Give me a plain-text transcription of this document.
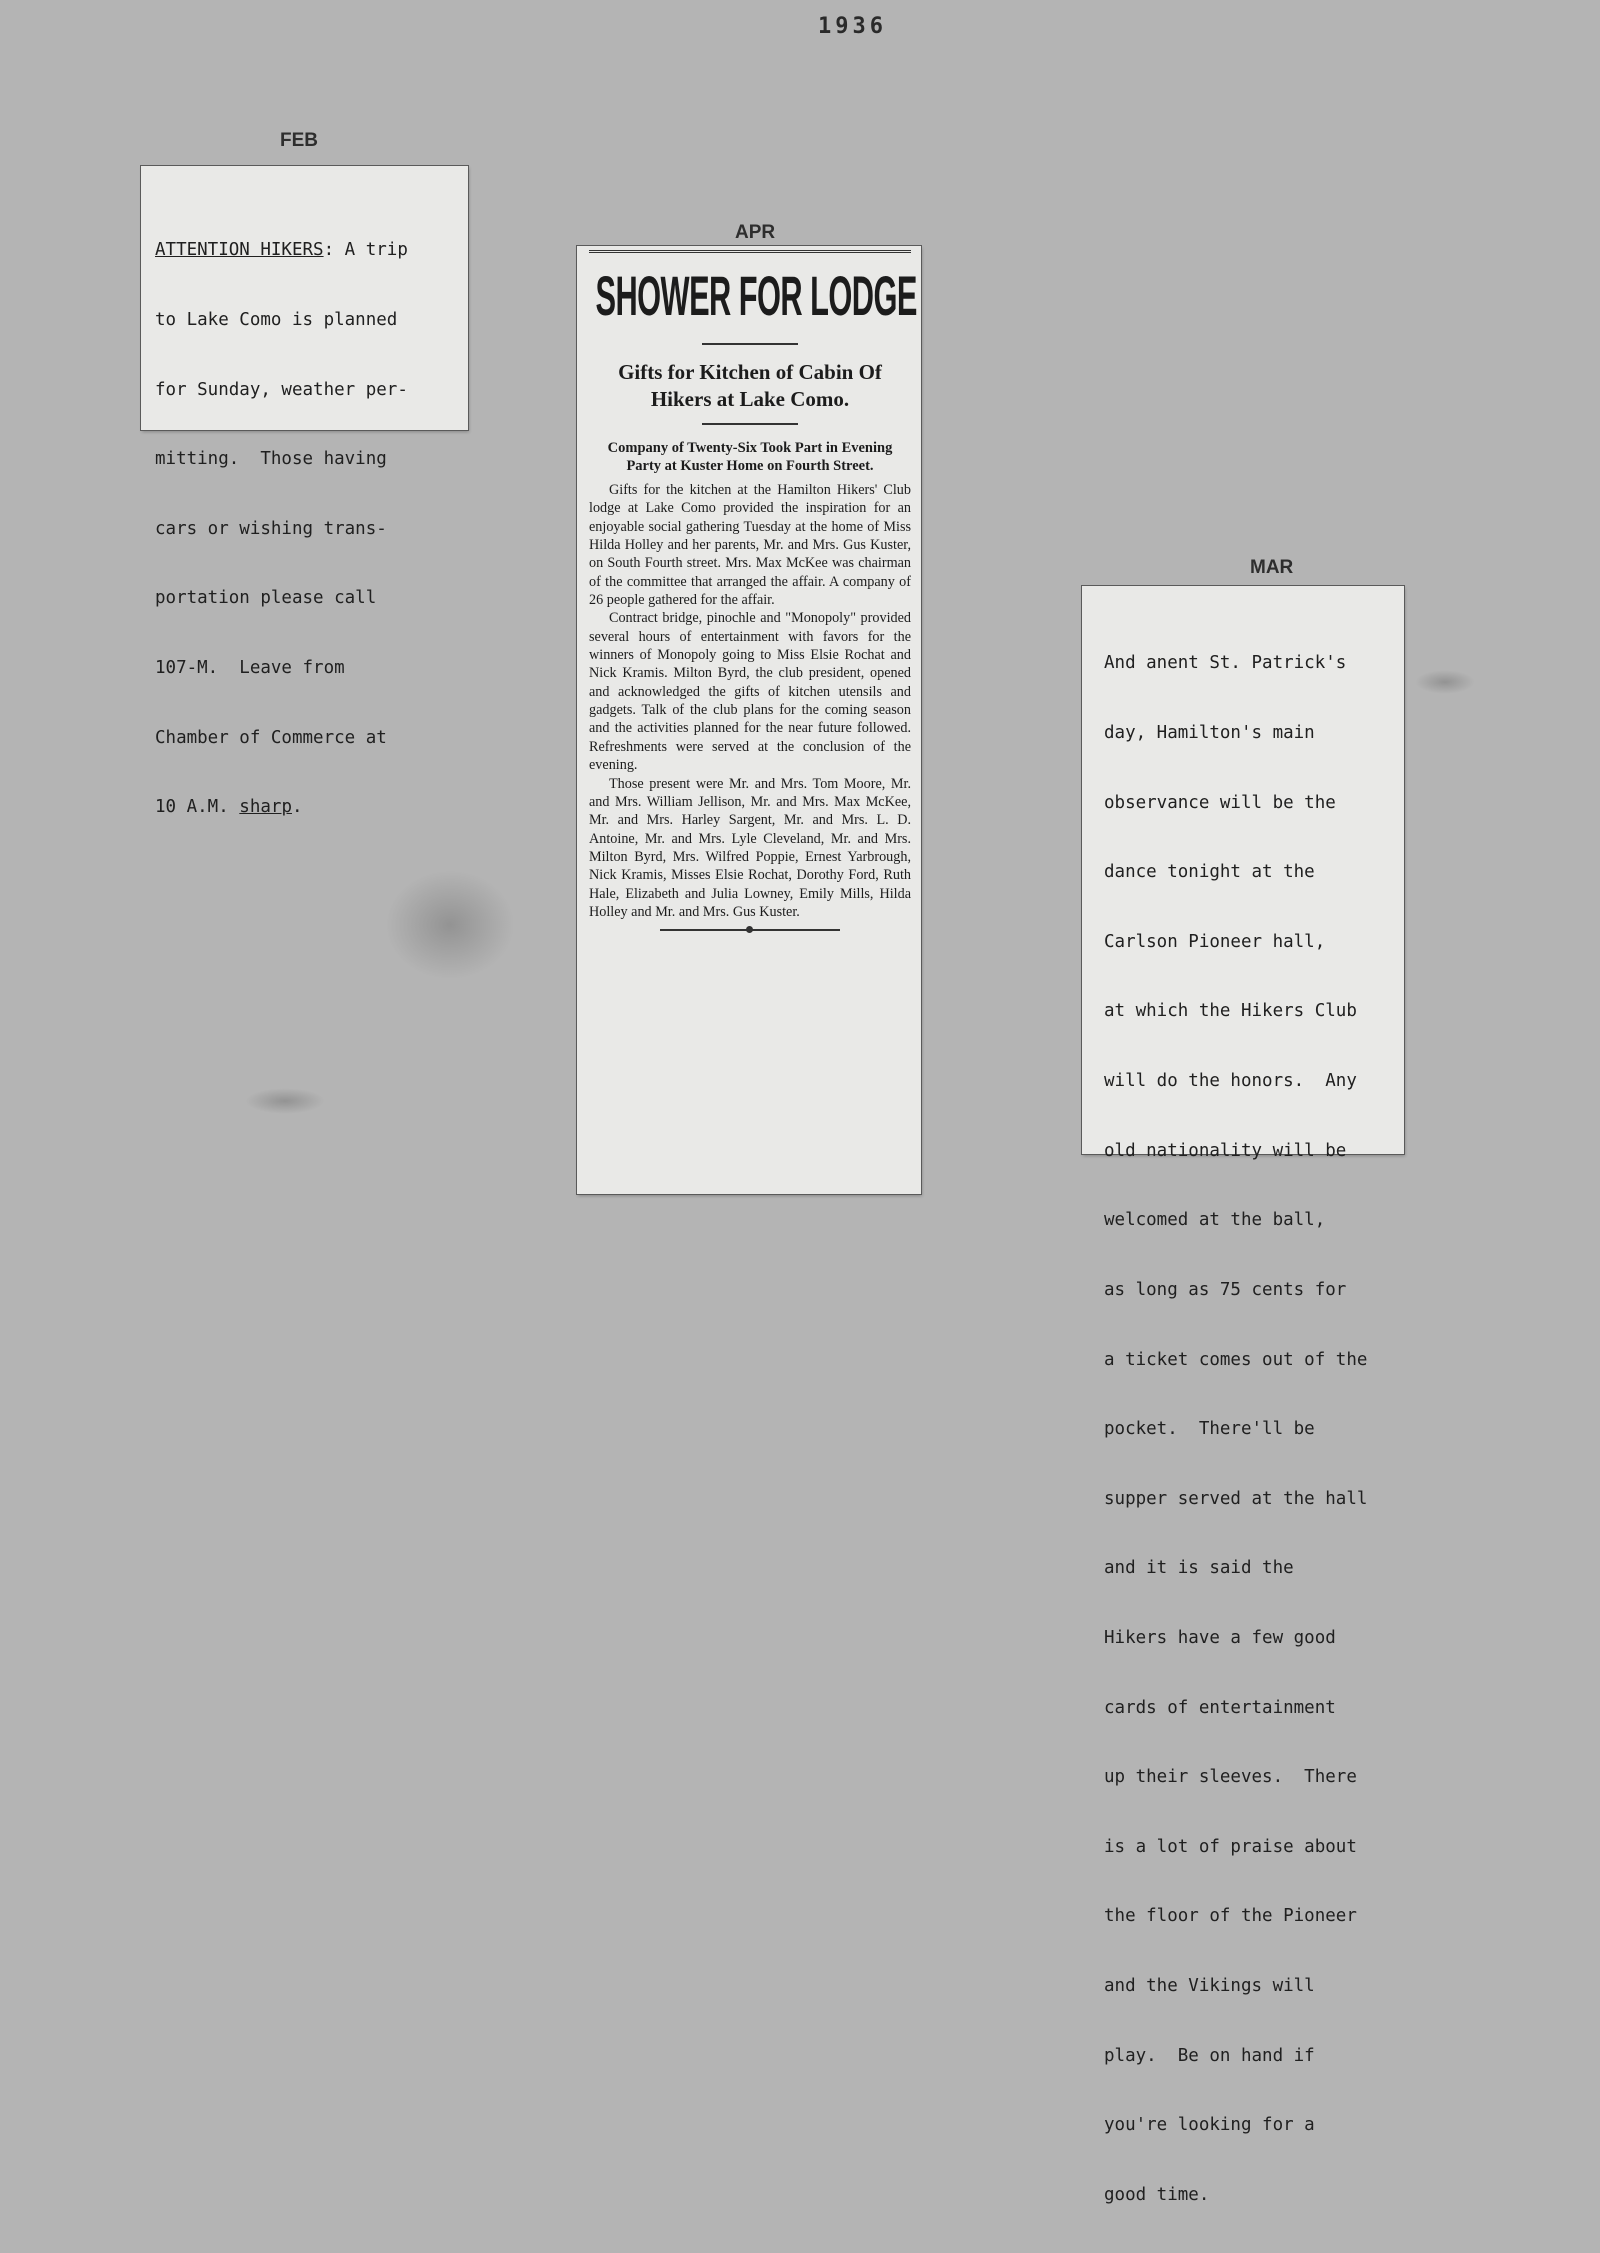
1936
FEB

ATTENTION HIKERS: A trip

to Lake Como is planned

for Sunday, weather per-

mitting.  Those having

cars or wishing trans-

portation please call

107-M.  Leave from

Chamber of Commerce at

10 A.M. sharp.

APR
SHOWER FOR LODGE

Gifts for Kitchen of Cabin Of Hikers at Lake Como.

Company of Twenty-Six Took Part in Evening Party at Kuster Home on Fourth Street.

Gifts for the kitchen at the Hamilton Hikers' Club lodge at Lake Como provided the inspiration for an enjoyable social gathering Tuesday at the home of Miss Hilda Holley and her parents, Mr. and Mrs. Gus Kuster, on South Fourth street. Mrs. Max McKee was chairman of the committee that arranged the affair. A company of 26 people gathered for the affair.

Contract bridge, pinochle and "Monopoly" provided several hours of entertainment with favors for the winners of Monopoly going to Miss Elsie Rochat and Nick Kramis. Milton Byrd, the club president, opened and acknowledged the gifts of kitchen utensils and gadgets. Talk of the club plans for the coming season and the activities planned for the near future followed. Refreshments were served at the conclusion of the evening.

Those present were Mr. and Mrs. Tom Moore, Mr. and Mrs. William Jellison, Mr. and Mrs. Max McKee, Mr. and Mrs. Harley Sargent, Mr. and Mrs. L. D. Antoine, Mr. and Mrs. Lyle Cleveland, Mr. and Mrs. Milton Byrd, Mrs. Wilfred Poppie, Ernest Yarbrough, Nick Kramis, Misses Elsie Rochat, Dorothy Ford, Ruth Hale, Elizabeth and Julia Lowney, Emily Mills, Hilda Holley and Mr. and Mrs. Gus Kuster.

MAR

And anent St. Patrick's

day, Hamilton's main

observance will be the

dance tonight at the

Carlson Pioneer hall,

at which the Hikers Club

will do the honors.  Any

old nationality will be

welcomed at the ball,

as long as 75 cents for

a ticket comes out of the

pocket.  There'll be

supper served at the hall

and it is said the

Hikers have a few good

cards of entertainment

up their sleeves.  There

is a lot of praise about

the floor of the Pioneer

and the Vikings will

play.  Be on hand if

you're looking for a

good time.
